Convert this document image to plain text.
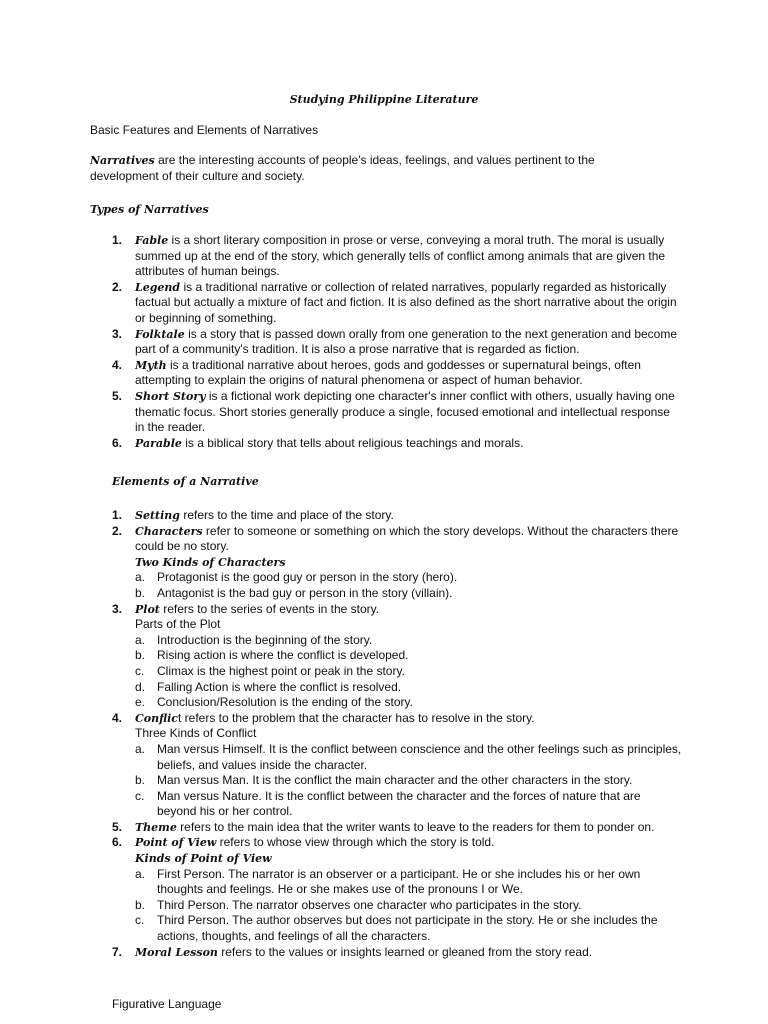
Studying Philippine Literature
Basic Features and Elements of Narratives
Narratives are the interesting accounts of people's ideas, feelings, and values pertinent to the development of their culture and society.
Types of Narratives
1. Fable is a short literary composition in prose or verse, conveying a moral truth. The moral is usually summed up at the end of the story, which generally tells of conflict among animals that are given the attributes of human beings.
2. Legend is a traditional narrative or collection of related narratives, popularly regarded as historically factual but actually a mixture of fact and fiction. It is also defined as the short narrative about the origin or beginning of something.
3. Folktale is a story that is passed down orally from one generation to the next generation and become part of a community's tradition. It is also a prose narrative that is regarded as fiction.
4. Myth is a traditional narrative about heroes, gods and goddesses or supernatural beings, often attempting to explain the origins of natural phenomena or aspect of human behavior.
5. Short Story is a fictional work depicting one character's inner conflict with others, usually having one thematic focus. Short stories generally produce a single, focused emotional and intellectual response in the reader.
6. Parable is a biblical story that tells about religious teachings and morals.
Elements of a Narrative
1. Setting refers to the time and place of the story.
2. Characters refer to someone or something on which the story develops. Without the characters there could be no story.
Two Kinds of Characters
a. Protagonist is the good guy or person in the story (hero).
b. Antagonist is the bad guy or person in the story (villain).
3. Plot refers to the series of events in the story.
Parts of the Plot
a. Introduction is the beginning of the story.
b. Rising action is where the conflict is developed.
c. Climax is the highest point or peak in the story.
d. Falling Action is where the conflict is resolved.
e. Conclusion/Resolution is the ending of the story.
4. Conflict refers to the problem that the character has to resolve in the story.
Three Kinds of Conflict
a. Man versus Himself. It is the conflict between conscience and the other feelings such as principles, beliefs, and values inside the character.
b. Man versus Man. It is the conflict the main character and the other characters in the story.
c. Man versus Nature. It is the conflict between the character and the forces of nature that are beyond his or her control.
5. Theme refers to the main idea that the writer wants to leave to the readers for them to ponder on.
6. Point of View refers to whose view through which the story is told.
Kinds of Point of View
a. First Person. The narrator is an observer or a participant. He or she includes his or her own thoughts and feelings. He or she makes use of the pronouns I or We.
b. Third Person. The narrator observes one character who participates in the story.
c. Third Person. The author observes but does not participate in the story. He or she includes the actions, thoughts, and feelings of all the characters.
7. Moral Lesson refers to the values or insights learned or gleaned from the story read.
Figurative Language
